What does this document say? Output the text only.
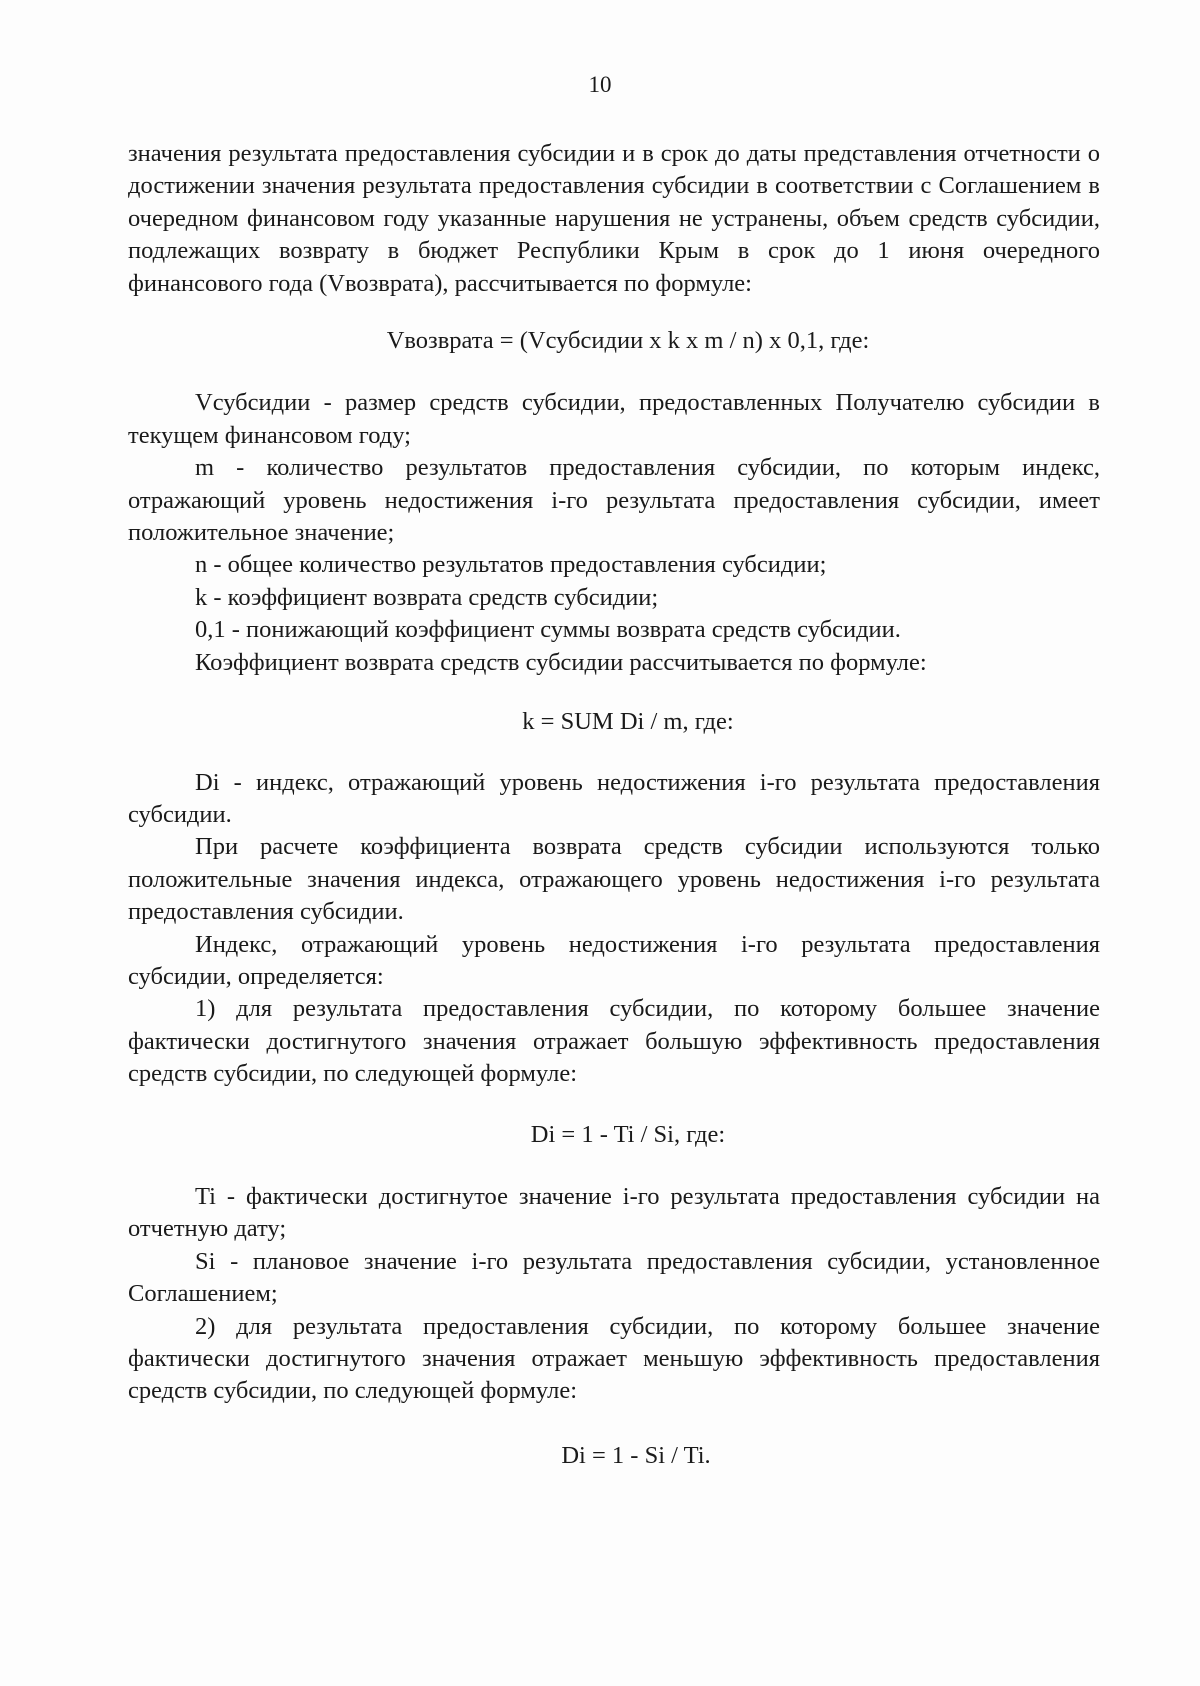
10

значения результата предоставления субсидии и в срок до даты представления отчетности о достижении значения результата предоставления субсидии в соответствии с Соглашением в очередном финансовом году указанные нарушения не устранены, объем средств субсидии, подлежащих возврату в бюджет Республики Крым в срок до 1 июня очередного финансового года (Vвозврата), рассчитывается по формуле:

Vвозврата = (Vсубсидии x k x m / n) x 0,1, где:

Vсубсидии - размер средств субсидии, предоставленных Получателю субсидии в текущем финансовом году;

m - количество результатов предоставления субсидии, по которым индекс, отражающий уровень недостижения i-го результата предоставления субсидии, имеет положительное значение;

n - общее количество результатов предоставления субсидии;

k - коэффициент возврата средств субсидии;

0,1 - понижающий коэффициент суммы возврата средств субсидии.

Коэффициент возврата средств субсидии рассчитывается по формуле:

k = SUM Di / m, где:

Di - индекс, отражающий уровень недостижения i-го результата предоставления субсидии.

При расчете коэффициента возврата средств субсидии используются только положительные значения индекса, отражающего уровень недостижения i-го результата предоставления субсидии.

Индекс, отражающий уровень недостижения i-го результата предоставления субсидии, определяется:

1) для результата предоставления субсидии, по которому большее значение фактически достигнутого значения отражает большую эффективность предоставления средств субсидии, по следующей формуле:

Di = 1 - Ti / Si, где:

Ti - фактически достигнутое значение i-го результата предоставления субсидии на отчетную дату;

Si - плановое значение i-го результата предоставления субсидии, установленное Соглашением;

2) для результата предоставления субсидии, по которому большее значение фактически достигнутого значения отражает меньшую эффективность предоставления средств субсидии, по следующей формуле:

Di = 1 - Si / Ti.
